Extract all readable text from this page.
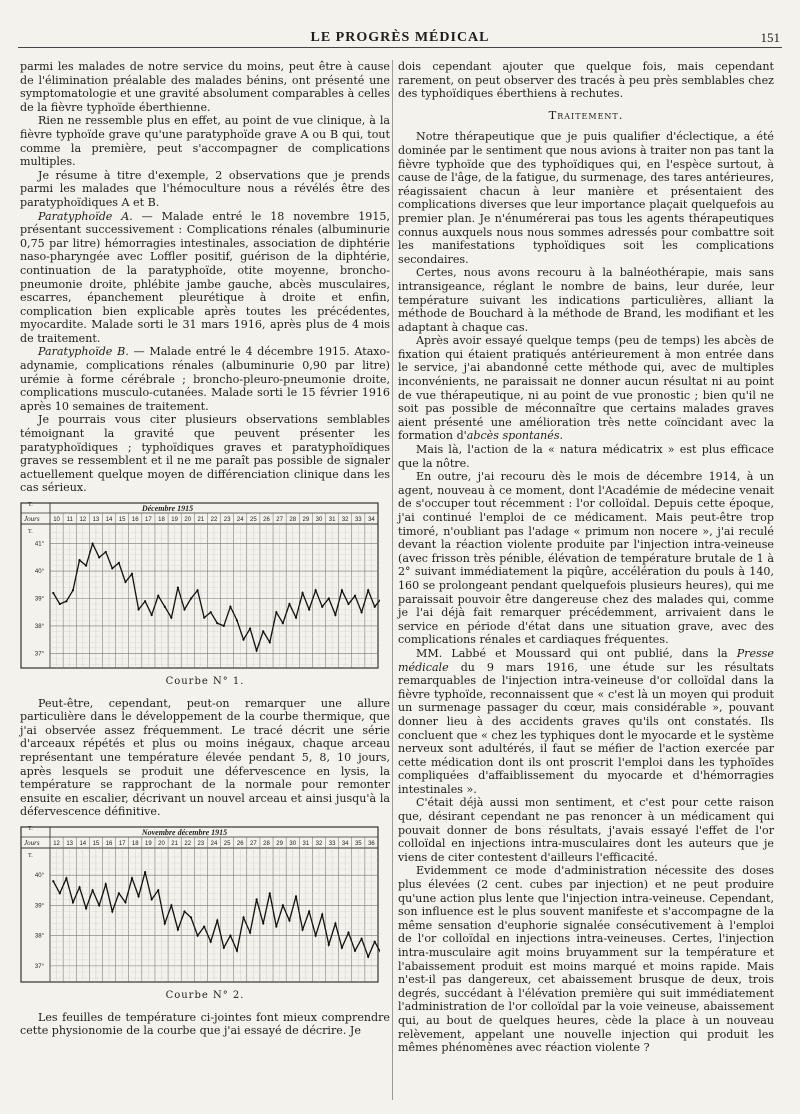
LE PROGRÈS MÉDICAL	151

parmi les malades de notre service du moins, peut être à cause de l'élimination préalable des malades bénins, ont présenté une symptomatologie et une gravité absolument comparables à celles de la fièvre typhoïde éberthienne.

Rien ne ressemble plus en effet, au point de vue clinique, à la fièvre typhoïde grave qu'une paratyphoïde grave A ou B qui, tout comme la première, peut s'accompagner de complications multiples.

Je résume à titre d'exemple, 2 observations que je prends parmi les malades que l'hémoculture nous a révélés être des paratyphoïdiques A et B.

Paratyphoïde A. — Malade entré le 18 novembre 1915, présentant successivement : Complications rénales (albuminurie 0,75 par litre) hémorragies intestinales, association de diphtérie naso-pharyngée avec Loffler positif, guérison de la diphtérie, continuation de la paratyphoïde, otite moyenne, broncho-pneumonie droite, phlébite jambe gauche, abcès musculaires, escarres, épanchement pleurétique à droite et enfin, complication bien explicable après toutes les précédentes, myocardite. Malade sorti le 31 mars 1916, après plus de 4 mois de traitement.

Paratyphoïde B. — Malade entré le 4 décembre 1915. Ataxo-adynamie, complications rénales (albuminurie 0,90 par litre) urémie à forme cérébrale ; broncho-pleuro-pneumonie droite, complications musculo-cutanées. Malade sorti le 15 février 1916 après 10 semaines de traitement.

Je pourrais vous citer plusieurs observations semblables témoignant la gravité que peuvent présenter les paratyphoïdiques ; typhoïdiques graves et paratyphoïdiques graves se ressemblent et il ne me paraît pas possible de signaler actuellement quelque moyen de différenciation clinique dans les cas sérieux.

Décembre 1915
Jours
T.
T.
10 11 12 13 14 15 16 17 18 19 20 21 22 23 24 25 26 27 28 29 30 31 32 33 34
41°
40°
39°
38°
37°
Courbe N° 1.

Peut-être, cependant, peut-on remarquer une allure particulière dans le développement de la courbe thermique, que j'ai observée assez fréquemment. Le tracé décrit une série d'arceaux répétés et plus ou moins inégaux, chaque arceau représentant une température élevée pendant 5, 8, 10 jours, après lesquels se produit une défervescence en lysis, la température se rapprochant de la normale pour remonter ensuite en escalier, décrivant un nouvel arceau et ainsi jusqu'à la défervescence définitive.

Novembre décembre 1915
Jours
T.
T.
12 13 14 15 16 17 18 19 20 21 22 23 24 25 26 27 28 29 30 31 32 33 34 35 36
40°
39°
38°
37°
Courbe N° 2.

Les feuilles de température ci-jointes font mieux comprendre cette physionomie de la courbe que j'ai essayé de décrire. Je

dois cependant ajouter que quelque fois, mais cependant rarement, on peut observer des tracés à peu près semblables chez des typhoïdiques éberthiens à rechutes.

Traitement.

Notre thérapeutique que je puis qualifier d'éclectique, a été dominée par le sentiment que nous avions à traiter non pas tant la fièvre typhoïde que des typhoïdiques qui, en l'espèce surtout, à cause de l'âge, de la fatigue, du surmenage, des tares antérieures, réagissaient chacun à leur manière et présentaient des complications diverses que leur importance plaçait quelquefois au premier plan. Je n'énumérerai pas tous les agents thérapeutiques connus auxquels nous nous sommes adressés pour combattre soit les manifestations typhoïdiques soit les complications secondaires.

Certes, nous avons recouru à la balnéothérapie, mais sans intransigeance, réglant le nombre de bains, leur durée, leur température suivant les indications particulières, alliant la méthode de Bouchard à la méthode de Brand, les modifiant et les adaptant à chaque cas.

Après avoir essayé quelque temps (peu de temps) les abcès de fixation qui étaient pratiqués antérieurement à mon entrée dans le service, j'ai abandonné cette méthode qui, avec de multiples inconvénients, ne paraissait ne donner aucun résultat ni au point de vue thérapeutique, ni au point de vue pronostic ; bien qu'il ne soit pas possible de méconnaître que certains malades graves aient présenté une amélioration très nette coïncidant avec la formation d'abcès spontanés.

Mais là, l'action de la « natura médicatrix » est plus efficace que la nôtre.

En outre, j'ai recouru dès le mois de décembre 1914, à un agent, nouveau à ce moment, dont l'Académie de médecine venait de s'occuper tout récemment : l'or colloïdal. Depuis cette époque, j'ai continué l'emploi de ce médicament. Mais peut-être trop timoré, n'oubliant pas l'adage « primum non nocere », j'ai reculé devant la réaction violente produite par l'injection intra-veineuse (avec frisson très pénible, élévation de température brutale de 1 à 2° suivant immédiatement la piqûre, accélération du pouls à 140, 160 se prolongeant pendant quelquefois plusieurs heures), qui me paraissait pouvoir être dangereuse chez des malades qui, comme je l'ai déjà fait remarquer précédemment, arrivaient dans le service en période d'état dans une situation grave, avec des complications rénales et cardiaques fréquentes.

MM. Labbé et Moussard qui ont publié, dans la Presse médicale du 9 mars 1916, une étude sur les résultats remarquables de l'injection intra-veineuse d'or colloïdal dans la fièvre typhoïde, reconnaissent que « c'est là un moyen qui produit un surmenage passager du cœur, mais considérable », pouvant donner lieu à des accidents graves qu'ils ont constatés. Ils concluent que « chez les typhiques dont le myocarde et le système nerveux sont adultérés, il faut se méfier de l'action exercée par cette médication dont ils ont proscrit l'emploi dans les typhoïdes compliquées d'affaiblissement du myocarde et d'hémorragies intestinales ».

C'était déjà aussi mon sentiment, et c'est pour cette raison que, désirant cependant ne pas renoncer à un médicament qui pouvait donner de bons résultats, j'avais essayé l'effet de l'or colloïdal en injections intra-musculaires dont les auteurs que je viens de citer contestent d'ailleurs l'efficacité.

Evidemment ce mode d'administration nécessite des doses plus élevées (2 cent. cubes par injection) et ne peut produire qu'une action plus lente que l'injection intra-veineuse. Cependant, son influence est le plus souvent manifeste et s'accompagne de la même sensation d'euphorie signalée consécutivement à l'emploi de l'or colloïdal en injections intra-veineuses. Certes, l'injection intra-musculaire agit moins bruyamment sur la température et l'abaissement produit est moins marqué et moins rapide. Mais n'est-il pas dangereux, cet abaissement brusque de deux, trois degrés, succédant à l'élévation première qui suit immédiatement l'administration de l'or colloïdal par la voie veineuse, abaissement qui, au bout de quelques heures, cède la place à un nouveau relèvement, appelant une nouvelle injection qui produit les mêmes phénomènes avec réaction violente ?
